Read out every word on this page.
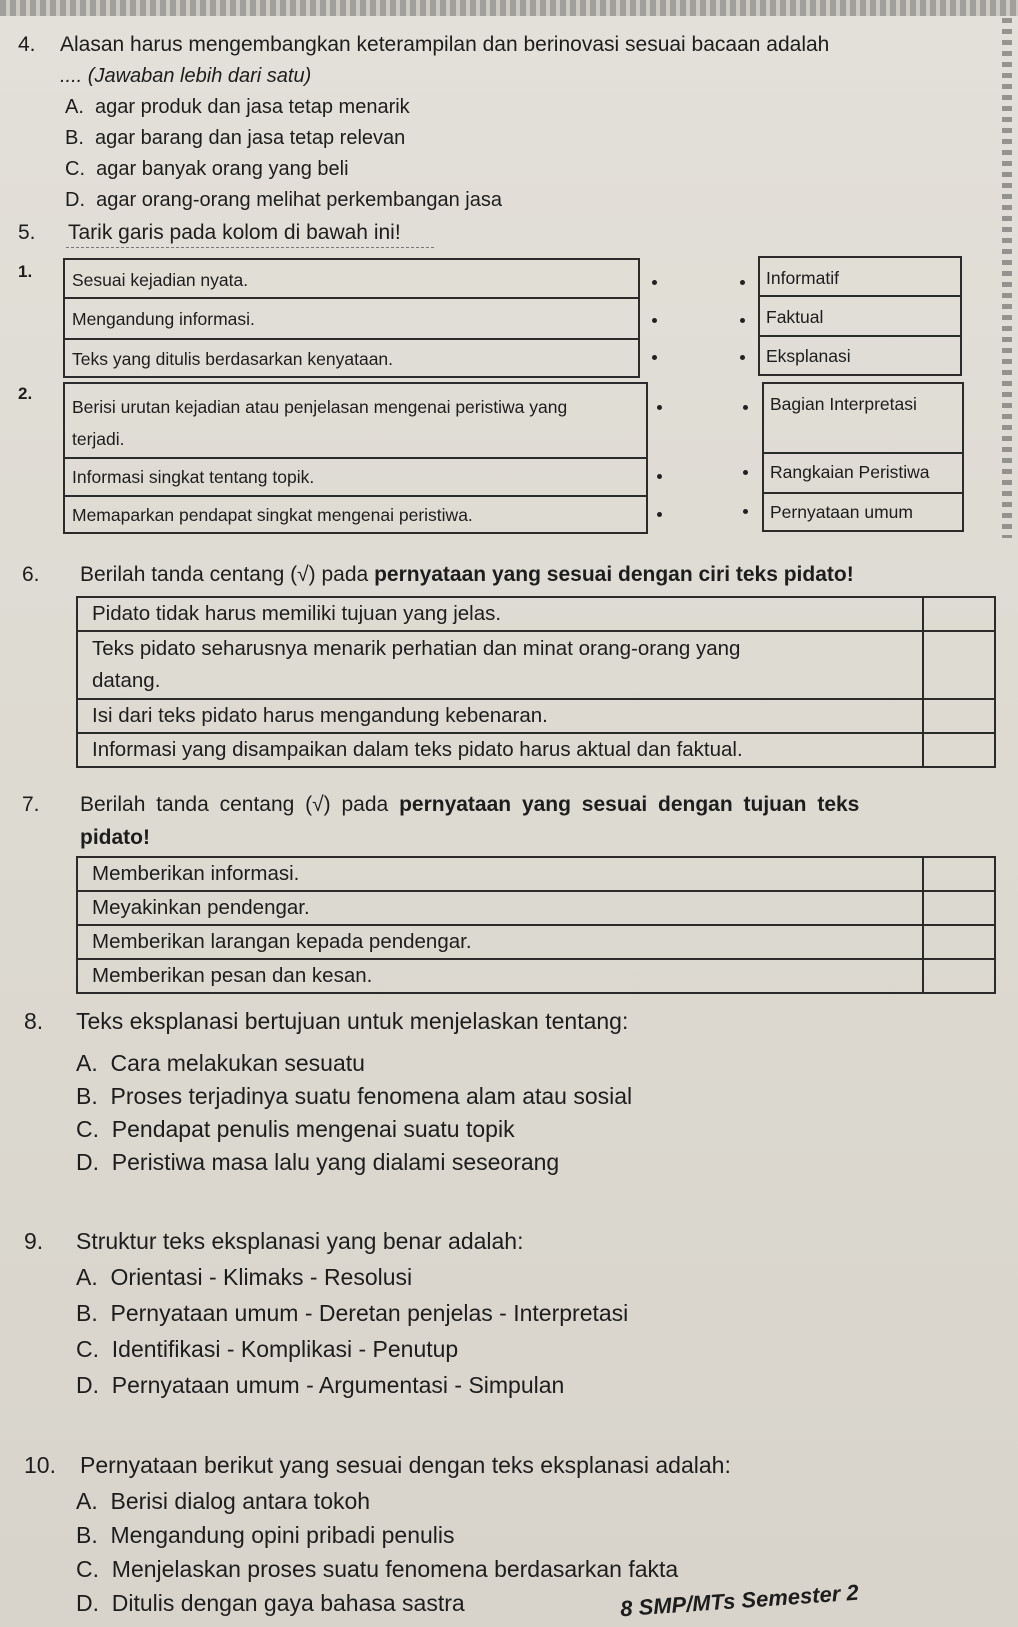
4. Alasan harus mengembangkan keterampilan dan berinovasi sesuai bacaan adalah
.... (Jawaban lebih dari satu)
A. agar produk dan jasa tetap menarik
B. agar barang dan jasa tetap relevan
C. agar banyak orang yang beli
D. agar orang-orang melihat perkembangan jasa
5. Tarik garis pada kolom di bawah ini!
1.	Sesuai kejadian nyata.
Mengandung informasi.
Teks yang ditulis berdasarkan kenyataan.
Informatif
Faktual
Eksplanasi
2.
Berisi urutan kejadian atau penjelasan mengenai peristiwa yang
terjadi.
Informasi singkat tentang topik.
Memaparkan pendapat singkat mengenai peristiwa.
Bagian Interpretasi
Rangkaian Peristiwa
Pernyataan umum
6. Berilah tanda centang (√) pada pernyataan yang sesuai dengan ciri teks pidato!
Pidato tidak harus memiliki tujuan yang jelas.	
Teks pidato seharusnya menarik perhatian dan minat orang-orang yang
datang.	
Isi dari teks pidato harus mengandung kebenaran.	
Informasi yang disampaikan dalam teks pidato harus aktual dan faktual.	
7. Berilah tanda centang (√) pada pernyataan yang sesuai dengan tujuan teks
pidato!
Memberikan informasi.	
Meyakinkan pendengar.	
Memberikan larangan kepada pendengar.	
Memberikan pesan dan kesan.	
8. Teks eksplanasi bertujuan untuk menjelaskan tentang:
A. Cara melakukan sesuatu
B. Proses terjadinya suatu fenomena alam atau sosial
C. Pendapat penulis mengenai suatu topik
D. Peristiwa masa lalu yang dialami seseorang
9. Struktur teks eksplanasi yang benar adalah:
A. Orientasi - Klimaks - Resolusi
B. Pernyataan umum - Deretan penjelas - Interpretasi
C. Identifikasi - Komplikasi - Penutup
D. Pernyataan umum - Argumentasi - Simpulan
10. Pernyataan berikut yang sesuai dengan teks eksplanasi adalah:
A. Berisi dialog antara tokoh
B. Mengandung opini pribadi penulis
C. Menjelaskan proses suatu fenomena berdasarkan fakta
D. Ditulis dengan gaya bahasa sastra	8 SMP/MTs Semester 2
